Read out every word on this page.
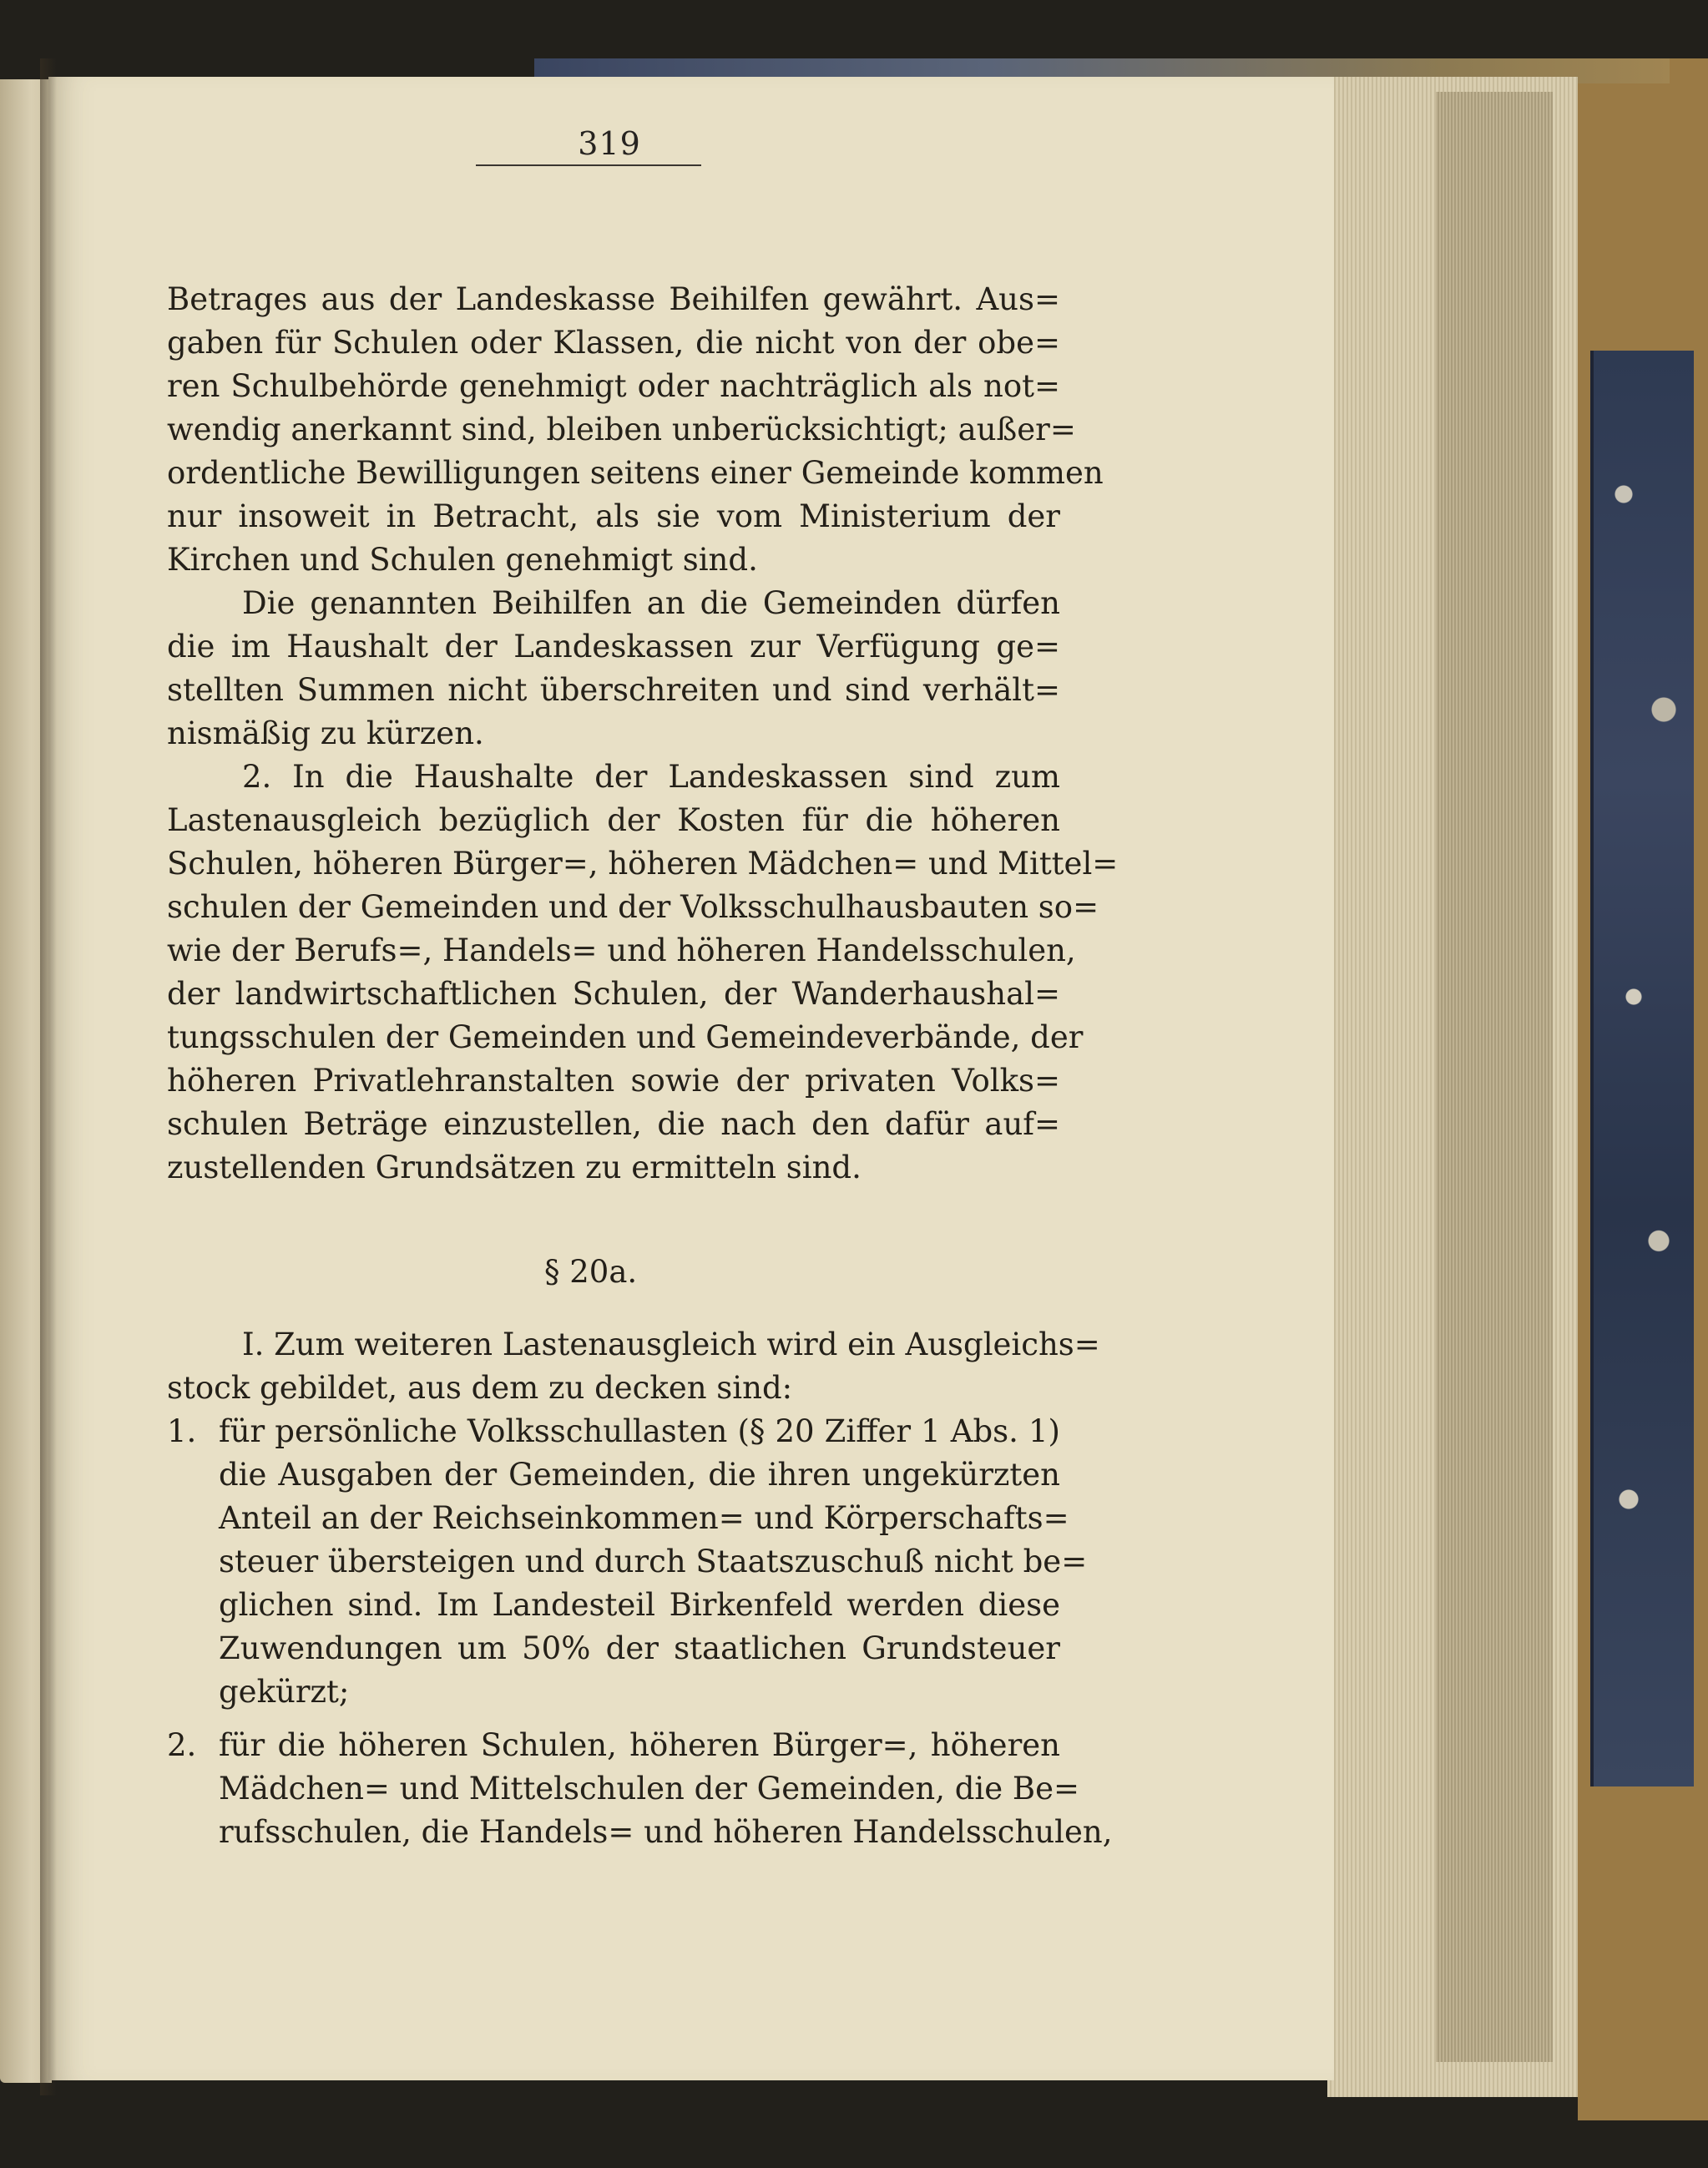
319
Betrages aus der Landeskasse Beihilfen gewährt. Aus=
gaben für Schulen oder Klassen, die nicht von der obe=
ren Schulbehörde genehmigt oder nachträglich als not=
wendig anerkannt sind, bleiben unberücksichtigt; außer=
ordentliche Bewilligungen seitens einer Gemeinde kommen
nur insoweit in Betracht, als sie vom Ministerium der
Kirchen und Schulen genehmigt sind.
Die genannten Beihilfen an die Gemeinden dürfen
die im Haushalt der Landeskassen zur Verfügung ge=
stellten Summen nicht überschreiten und sind verhält=
nismäßig zu kürzen.
2. In die Haushalte der Landeskassen sind zum
Lastenausgleich bezüglich der Kosten für die höheren
Schulen, höheren Bürger=, höheren Mädchen= und Mittel=
schulen der Gemeinden und der Volksschulhausbauten so=
wie der Berufs=, Handels= und höheren Handelsschulen,
der landwirtschaftlichen Schulen, der Wanderhaushal=
tungsschulen der Gemeinden und Gemeindeverbände, der
höheren Privatlehranstalten sowie der privaten Volks=
schulen Beträge einzustellen, die nach den dafür auf=
zustellenden Grundsätzen zu ermitteln sind.
§ 20a.
I. Zum weiteren Lastenausgleich wird ein Ausgleichs=
stock gebildet, aus dem zu decken sind:
1. für persönliche Volksschullasten (§ 20 Ziffer 1 Abs. 1)
die Ausgaben der Gemeinden, die ihren ungekürzten
Anteil an der Reichseinkommen= und Körperschafts=
steuer übersteigen und durch Staatszuschuß nicht be=
glichen sind. Im Landesteil Birkenfeld werden diese
Zuwendungen um 50% der staatlichen Grundsteuer
gekürzt;
2. für die höheren Schulen, höheren Bürger=, höheren
Mädchen= und Mittelschulen der Gemeinden, die Be=
rufsschulen, die Handels= und höheren Handelsschulen,
